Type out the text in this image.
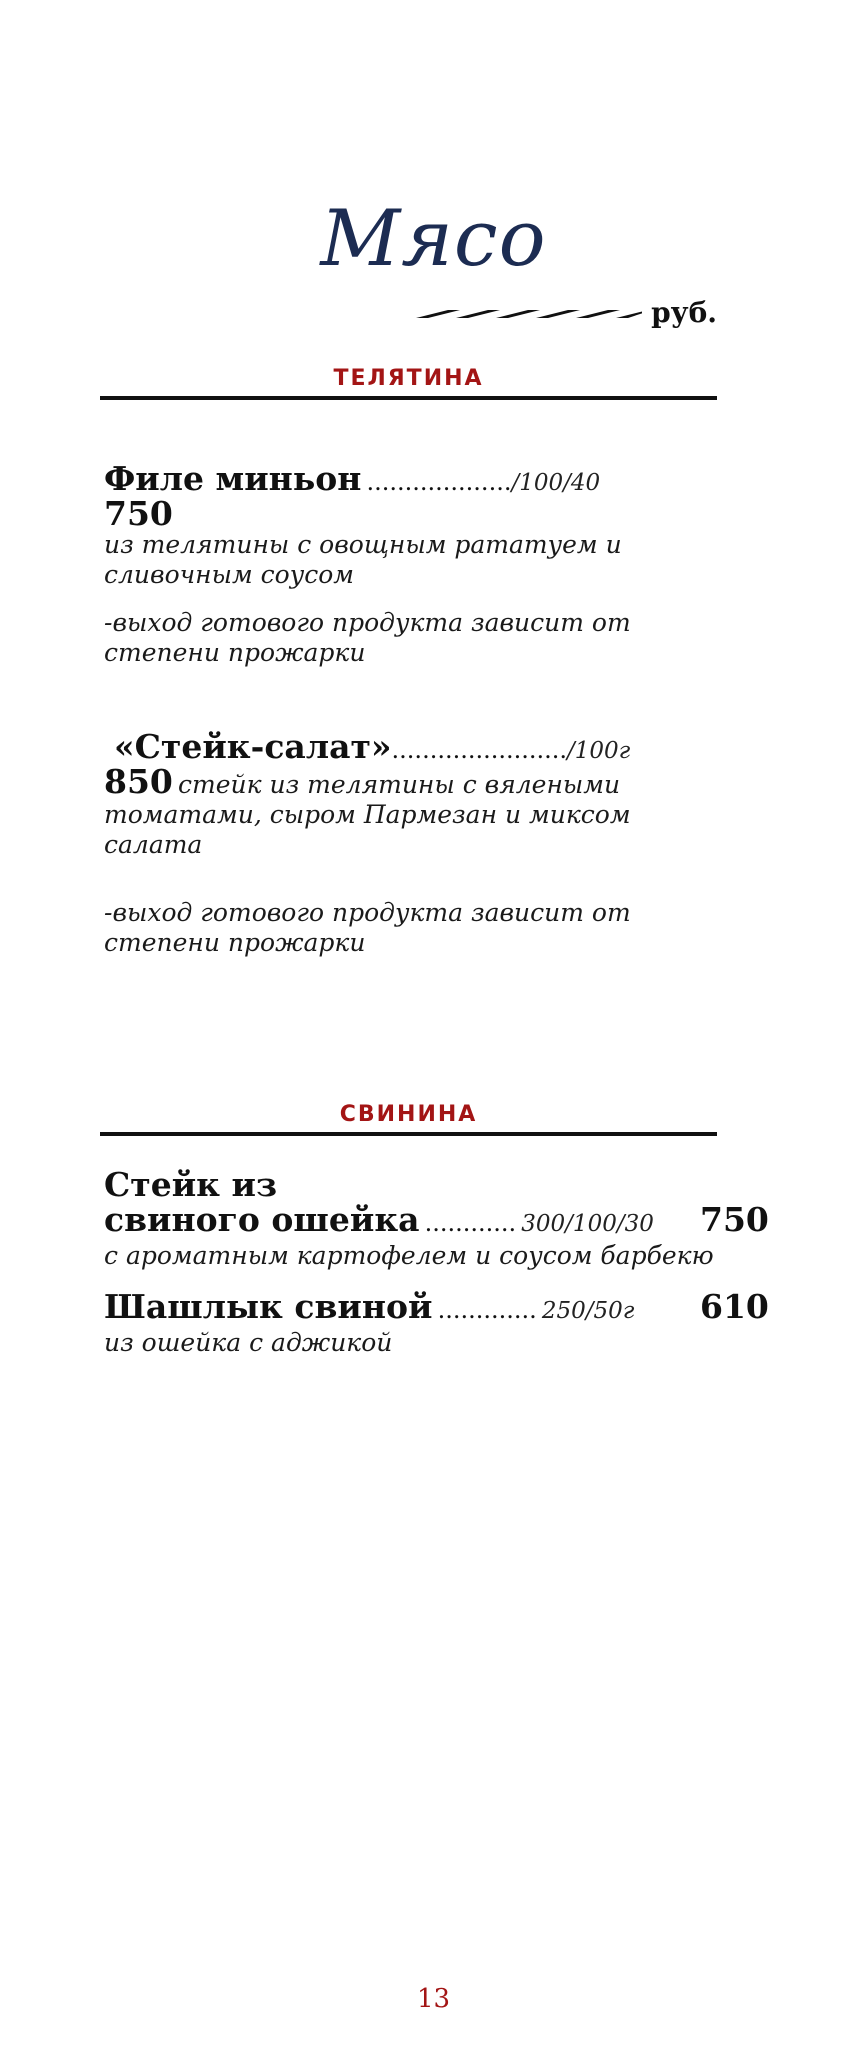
Мясо
руб.
ТЕЛЯТИНА
Филе миньон .................../100/40
750
из телятины с овощным рататуем и
сливочным соусом
-выход готового продукта зависит от
степени прожарки
«Стейк-салат»......................./100г
850 стейк из телятины с вялеными
томатами, сыром Пармезан и миксом
салата
-выход готового продукта зависит от
степени прожарки
СВИНИНА
Стейк из
свиного ошейка ............ 300/100/30 750
с ароматным картофелем и соусом барбекю
Шашлык свиной ............. 250/50г 610
из ошейка с аджикой
13
